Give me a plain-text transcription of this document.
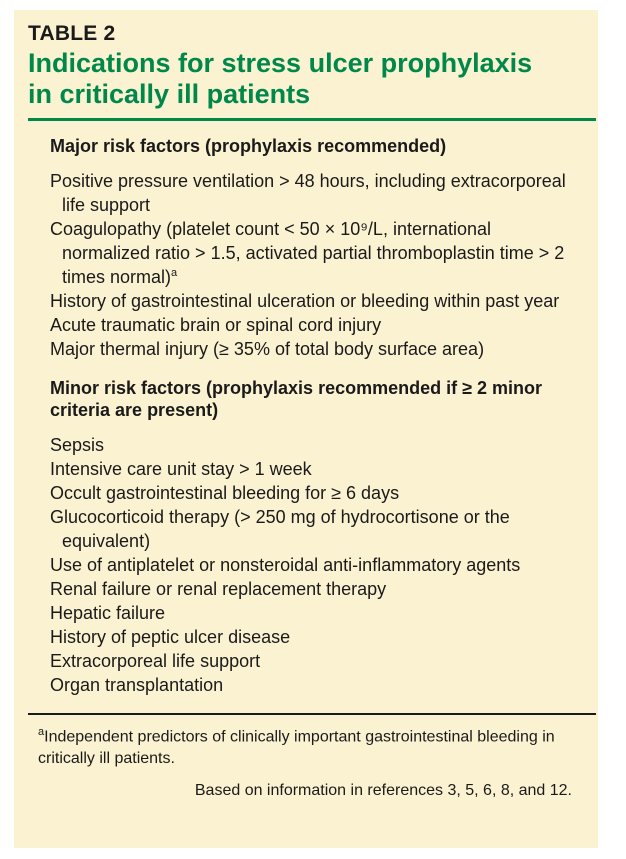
TABLE 2
Indications for stress ulcer prophylaxis
in critically ill patients
Major risk factors (prophylaxis recommended)
Positive pressure ventilation > 48 hours, including extracorporeal life support
Coagulopathy (platelet count < 50 × 10⁹/L, international normalized ratio > 1.5, activated partial thromboplastin time > 2 times normal)$^a$
History of gastrointestinal ulceration or bleeding within past year
Acute traumatic brain or spinal cord injury
Major thermal injury (≥ 35% of total body surface area)
Minor risk factors (prophylaxis recommended if ≥ 2 minor
criteria are present)
Sepsis
Intensive care unit stay > 1 week
Occult gastrointestinal bleeding for ≥ 6 days
Glucocorticoid therapy (> 250 mg of hydrocortisone or the equivalent)
Use of antiplatelet or nonsteroidal anti-inflammatory agents
Renal failure or renal replacement therapy
Hepatic failure
History of peptic ulcer disease
Extracorporeal life support
Organ transplantation
$^a$Independent predictors of clinically important gastrointestinal bleeding in critically ill patients.
Based on information in references 3, 5, 6, 8, and 12.
